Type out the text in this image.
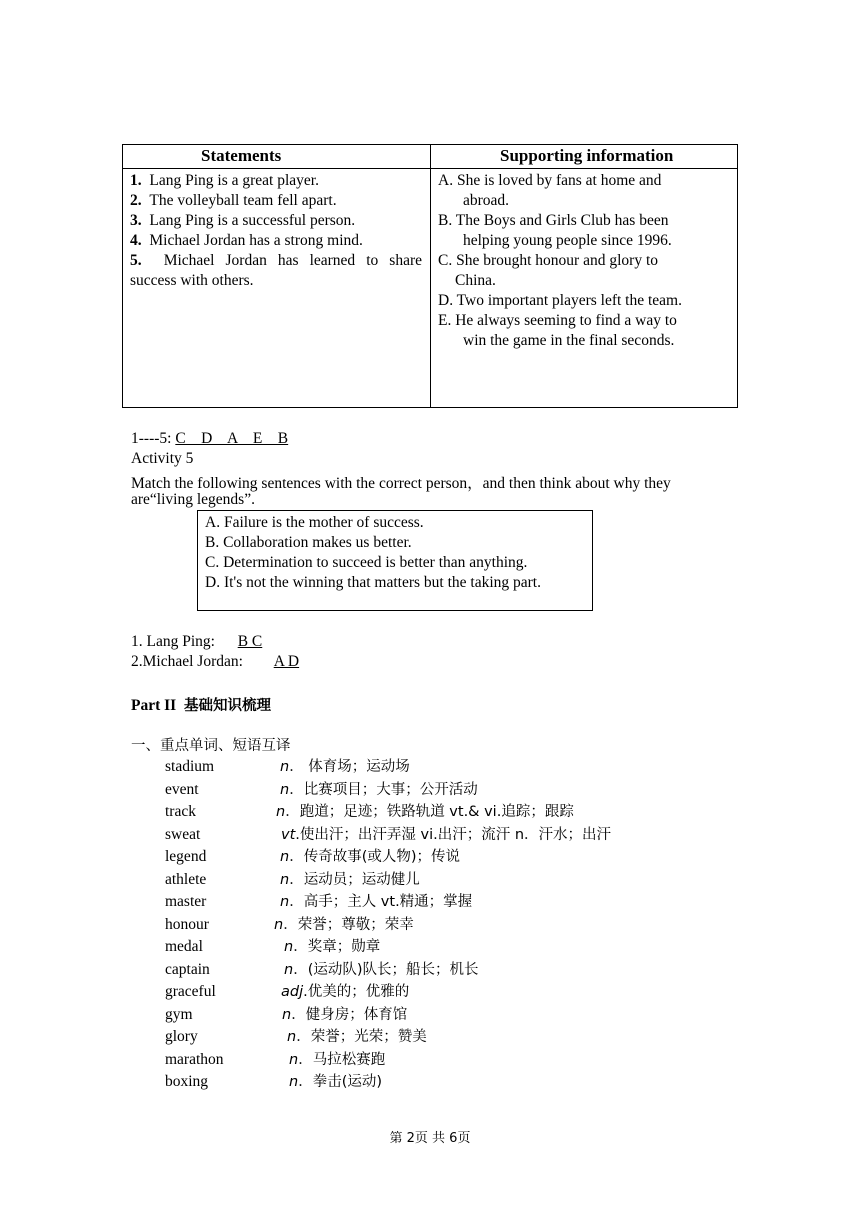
Statements	Supporting information
1. Lang Ping is a great player.
2. The volleyball team fell apart.
3. Lang Ping is a successful person.
4. Michael Jordan has a strong mind.
5. Michael Jordan has learned to share
success with others.
A. She is loved by fans at home and
abroad.
B. The Boys and Girls Club has been
helping young people since 1996.
C. She brought honour and glory to
China.
D. Two important players left the team.
E. He always seeming to find a way to
win the game in the final seconds.
1----5: C    D    A    E    B
Activity 5
Match the following sentences with the correct person，and then think about why they
are“living legends”.
A. Failure is the mother of success.
B. Collaboration makes us better.
C. Determination to succeed is better than anything.
D. It's not the winning that matters but the taking part.
1. Lang Ping: B C
2.Michael Jordan: A D
Part II 基础知识梳理
一、重点单词、短语互译
stadium	n． 体育场；运动场
event	n．比赛项目；大事；公开活动
track	n．跑道；足迹；铁路轨道 vt.& vi.追踪；跟踪
sweat	vt.使出汗；出汗弄湿 vi.出汗；流汗 n．汗水；出汗
legend	n．传奇故事(或人物)；传说
athlete	n．运动员；运动健儿
master	n．高手；主人 vt.精通；掌握
honour	n．荣誉；尊敬；荣幸
medal	n．奖章；勋章
captain	n．(运动队)队长；船长；机长
graceful	adj.优美的；优雅的
gym	n．健身房；体育馆
glory	n．荣誉；光荣；赞美
marathon	n．马拉松赛跑
boxing	n．拳击(运动)
第 2页 共 6页
